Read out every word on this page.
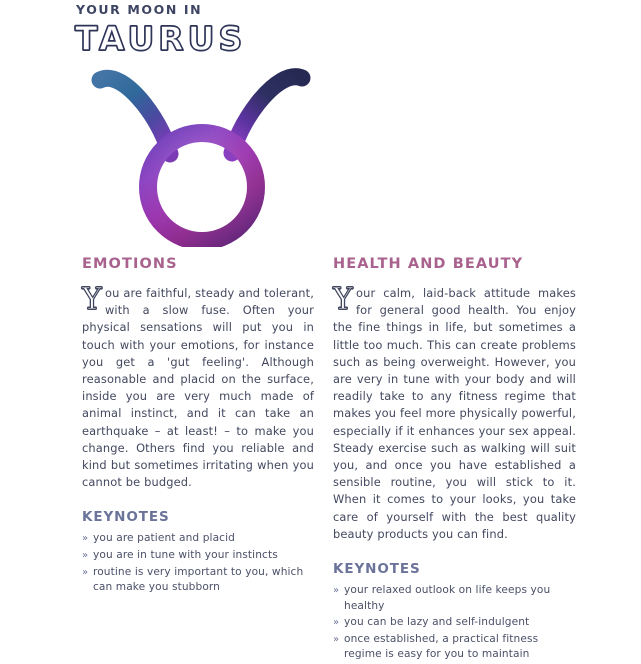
YOUR MOON IN
TAURUS
EMOTIONS

You are faithful, steady and tolerant, with a slow fuse. Often your physical sensations will put you in touch with your emotions, for instance you get a 'gut feeling'. Although reasonable and placid on the surface, inside you are very much made of animal instinct, and it can take an earthquake – at least! – to make you change. Others find you reliable and kind but sometimes irritating when you cannot be budged.

KEYNOTES
» you are patient and placid
» you are in tune with your instincts
» routine is very important to you, which can make you stubborn
HEALTH AND BEAUTY

Your calm, laid-back attitude makes for general good health. You enjoy the fine things in life, but sometimes a little too much. This can create problems such as being overweight. However, you are very in tune with your body and will readily take to any fitness regime that makes you feel more physically powerful, especially if it enhances your sex appeal. Steady exercise such as walking will suit you, and once you have established a sensible routine, you will stick to it. When it comes to your looks, you take care of yourself with the best quality beauty products you can find.

KEYNOTES
» your relaxed outlook on life keeps you healthy
» you can be lazy and self-indulgent
» once established, a practical fitness regime is easy for you to maintain
